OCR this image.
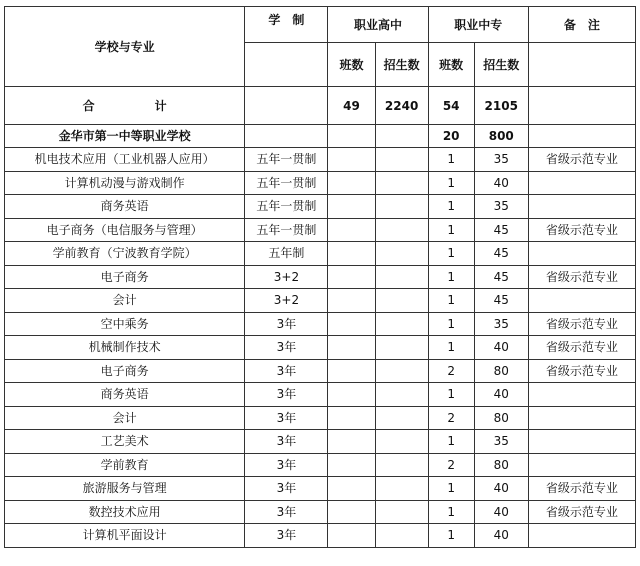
学校与专业	学　制	职业高中		职业中专		备　注
		班数	招生数	班数	招生数	
合　　　　　计		49	2240	54	2105	
金华市第一中等职业学校				20	800	
机电技术应用（工业机器人应用）	五年一贯制			1	35	省级示范专业
计算机动漫与游戏制作	五年一贯制			1	40	
商务英语	五年一贯制			1	35	
电子商务（电信服务与管理）	五年一贯制			1	45	省级示范专业
学前教育（宁波教育学院）	五年制			1	45	
电子商务	3+2			1	45	省级示范专业
会计	3+2			1	45	
空中乘务	3年			1	35	省级示范专业
机械制作技术	3年			1	40	省级示范专业
电子商务	3年			2	80	省级示范专业
商务英语	3年			1	40	
会计	3年			2	80	
工艺美术	3年			1	35	
学前教育	3年			2	80	
旅游服务与管理	3年			1	40	省级示范专业
数控技术应用	3年			1	40	省级示范专业
计算机平面设计	3年			1	40	
